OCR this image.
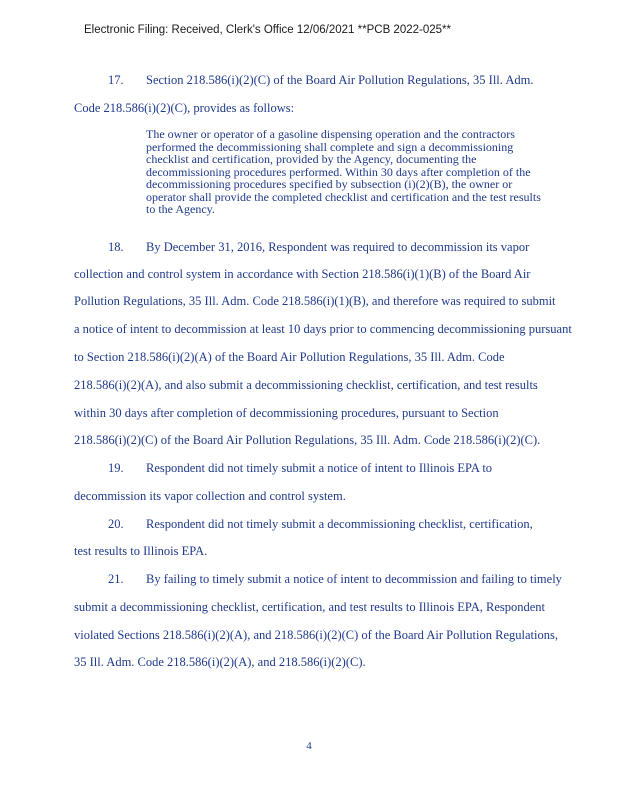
Electronic Filing: Received, Clerk's Office 12/06/2021 **PCB 2022-025**
17. Section 218.586(i)(2)(C) of the Board Air Pollution Regulations, 35 Ill. Adm.
Code 218.586(i)(2)(C), provides as follows:
The owner or operator of a gasoline dispensing operation and the contractors
performed the decommissioning shall complete and sign a decommissioning
checklist and certification, provided by the Agency, documenting the
decommissioning procedures performed. Within 30 days after completion of the
decommissioning procedures specified by subsection (i)(2)(B), the owner or
operator shall provide the completed checklist and certification and the test results
to the Agency.
18. By December 31, 2016, Respondent was required to decommission its vapor
collection and control system in accordance with Section 218.586(i)(1)(B) of the Board Air
Pollution Regulations, 35 Ill. Adm. Code 218.586(i)(1)(B), and therefore was required to submit
a notice of intent to decommission at least 10 days prior to commencing decommissioning pursuant
to Section 218.586(i)(2)(A) of the Board Air Pollution Regulations, 35 Ill. Adm. Code
218.586(i)(2)(A), and also submit a decommissioning checklist, certification, and test results
within 30 days after completion of decommissioning procedures, pursuant to Section
218.586(i)(2)(C) of the Board Air Pollution Regulations, 35 Ill. Adm. Code 218.586(i)(2)(C).
19. Respondent did not timely submit a notice of intent to Illinois EPA to
decommission its vapor collection and control system.
20. Respondent did not timely submit a decommissioning checklist, certification,
test results to Illinois EPA.
21. By failing to timely submit a notice of intent to decommission and failing to timely
submit a decommissioning checklist, certification, and test results to Illinois EPA, Respondent
violated Sections 218.586(i)(2)(A), and 218.586(i)(2)(C) of the Board Air Pollution Regulations,
35 Ill. Adm. Code 218.586(i)(2)(A), and 218.586(i)(2)(C).
4
